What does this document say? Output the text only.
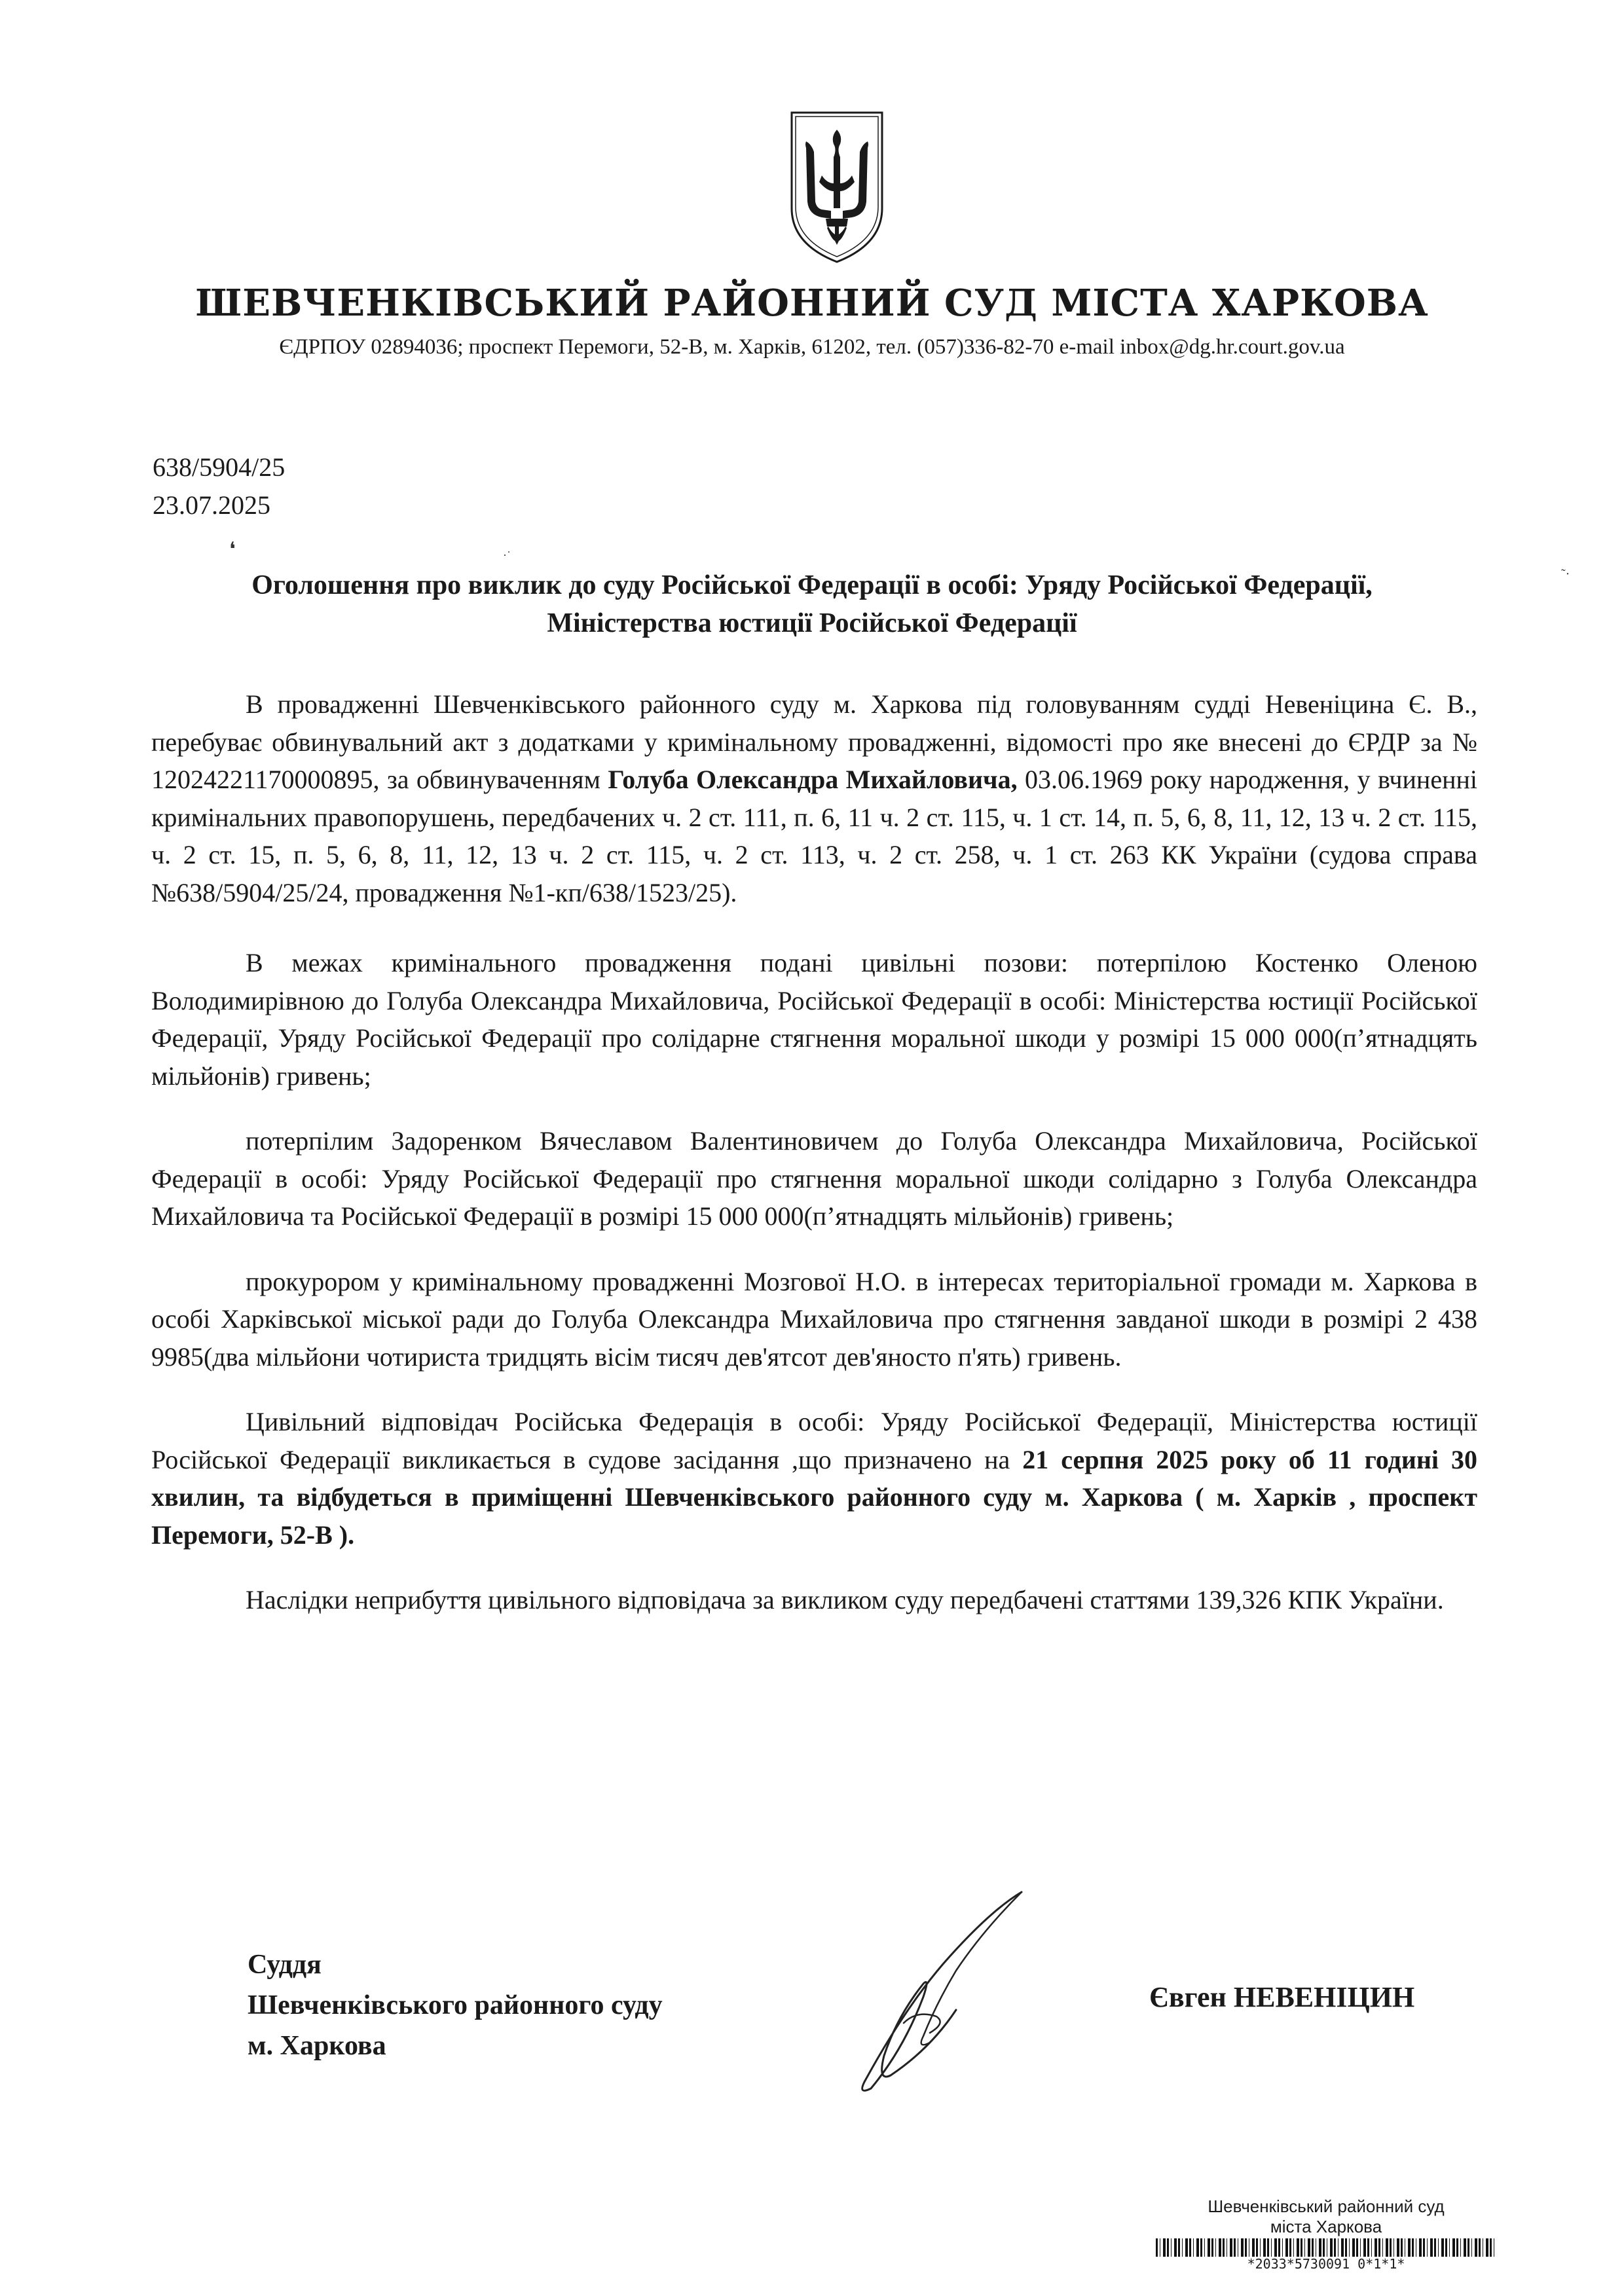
ШЕВЧЕНКІВСЬКИЙ РАЙОННИЙ СУД МІСТА ХАРКОВА
ЄДРПОУ 02894036; проспект Перемоги, 52-В, м. Харків, 61202, тел. (057)336-82-70 e-mail inbox@dg.hr.court.gov.ua
638/5904/25
23.07.2025
❛	·˙
˜·
Оголошення про виклик до суду Російської Федерації в особі: Уряду Російської Федерації,
Міністерства юстиції Російської Федерації

В провадженні Шевченківського районного суду м. Харкова під головуванням судді Невеніцина Є. В., перебуває обвинувальний акт з додатками у кримінальному провадженні, відомості про яке внесені до ЄРДР за № 12024221170000895, за обвинуваченням Голуба Олександра Михайловича, 03.06.1969 року народження, у вчиненні кримінальних правопорушень, передбачених ч. 2 ст. 111, п. 6, 11 ч. 2 ст. 115, ч. 1 ст. 14, п. 5, 6, 8, 11, 12, 13 ч. 2 ст. 115, ч. 2 ст. 15, п. 5, 6, 8, 11, 12, 13 ч. 2 ст. 115, ч. 2 ст. 113, ч. 2 ст. 258, ч. 1 ст. 263 КК України (судова справа №638/5904/25/24, провадження №1-кп/638/1523/25).

В межах кримінального провадження подані цивільні позови: потерпілою Костенко Оленою Володимирівною до Голуба Олександра Михайловича, Російської Федерації в особі: Міністерства юстиції Російської Федерації, Уряду Російської Федерації про солідарне стягнення моральної шкоди у розмірі 15 000 000(п’ятнадцять мільйонів) гривень;

потерпілим Задоренком Вячеславом Валентиновичем до Голуба Олександра Михайловича, Російської Федерації в особі: Уряду Російської Федерації про стягнення моральної шкоди солідарно з Голуба Олександра Михайловича та Російської Федерації в розмірі 15 000 000(п’ятнадцять мільйонів) гривень;

прокурором у кримінальному провадженні Мозгової Н.О. в інтересах територіальної громади м. Харкова в особі Харківської міської ради до Голуба Олександра Михайловича про стягнення завданої шкоди в розмірі 2 438 9985(два мільйони чотириста тридцять вісім тисяч дев'ятсот дев'яносто п'ять) гривень.

Цивільний відповідач Російська Федерація в особі: Уряду Російської Федерації, Міністерства юстиції Російської Федерації викликається в судове засідання ,що призначено на 21 серпня 2025 року об 11 годині 30 хвилин, та відбудеться в приміщенні Шевченківського районного суду м. Харкова ( м. Харків , проспект Перемоги, 52-В ).

Наслідки неприбуття цивільного відповідача за викликом суду передбачені статтями 139,326 КПК України.

Суддя
Шевченківського районного суду
м. Харкова
Євген НЕВЕНІЦИН
Шевченківський районний суд
міста Харкова
*2033*5730091 0*1*1*
